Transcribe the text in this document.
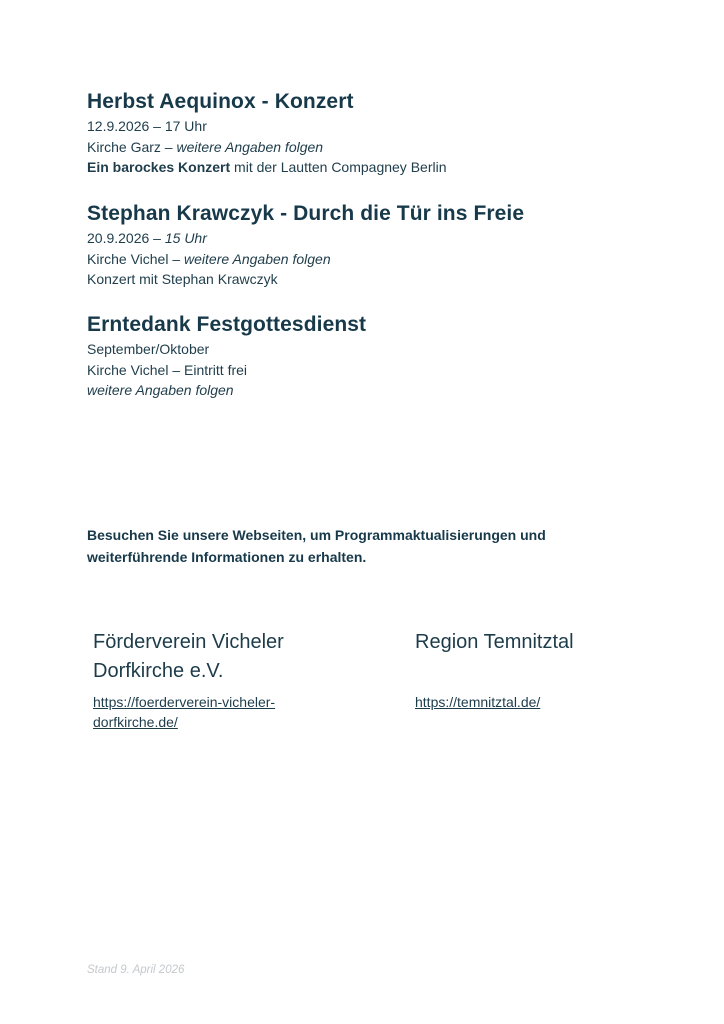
Herbst Aequinox - Konzert
12.9.2026 – 17 Uhr
Kirche Garz – weitere Angaben folgen
Ein barockes Konzert mit der Lautten Compagney Berlin
Stephan Krawczyk - Durch die Tür ins Freie
20.9.2026 – 15 Uhr
Kirche Vichel – weitere Angaben folgen
Konzert mit Stephan Krawczyk
Erntedank Festgottesdienst
September/Oktober
Kirche Vichel – Eintritt frei
weitere Angaben folgen
Besuchen Sie unsere Webseiten, um Programmaktualisierungen und weiterführende Informationen zu erhalten.
Förderverein Vicheler Dorfkirche e.V.
https://foerderverein-vicheler-dorfkirche.de/
Region Temnitztal
https://temnitztal.de/
Stand 9. April 2026
